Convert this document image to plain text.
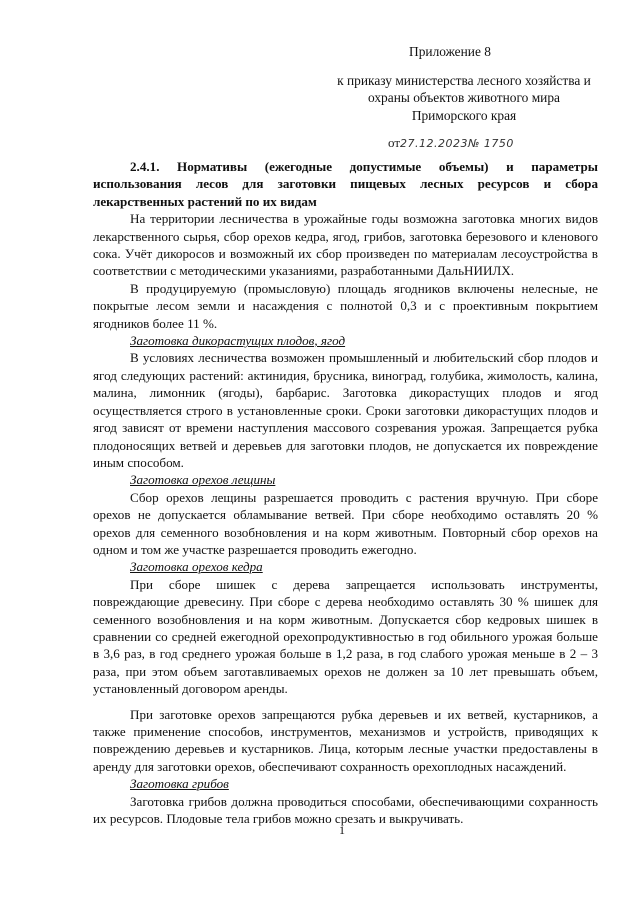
Приложение 8
к приказу министерства лесного хозяйства и
охраны объектов животного мира
Приморского края
от27.12.2023№ 1750

2.4.1. Нормативы (ежегодные допустимые объемы) и параметры использования лесов для заготовки пищевых лесных ресурсов и сбора лекарственных растений по их видам

На территории лесничества в урожайные годы возможна заготовка многих видов лекарственного сырья, сбор орехов кедра, ягод, грибов, заготовка березового и кленового сока. Учёт дикоросов и возможный их сбор произведен по материалам лесоустройства в соответствии с методическими указаниями, разработанными ДальНИИЛХ.

В продуцируемую (промысловую) площадь ягодников включены нелесные, не покрытые лесом земли и насаждения с полнотой 0,3 и с проективным покрытием ягодников более 11 %.

Заготовка дикорастущих плодов, ягод

В условиях лесничества возможен промышленный и любительский сбор плодов и ягод следующих растений: актинидия, брусника, виноград, голубика, жимолость, калина, малина, лимонник (ягоды), барбарис. Заготовка дикорастущих плодов и ягод осуществляется строго в установленные сроки. Сроки заготовки дикорастущих плодов и ягод зависят от времени наступления массового созревания урожая. Запрещается рубка плодоносящих ветвей и деревьев для заготовки плодов, не допускается их повреждение иным способом.

Заготовка орехов лещины

Сбор орехов лещины разрешается проводить с растения вручную. При сборе орехов не допускается обламывание ветвей. При сборе необходимо оставлять 20 % орехов для семенного возобновления и на корм животным. Повторный сбор орехов на одном и том же участке разрешается проводить ежегодно.

Заготовка орехов кедра

При сборе шишек с дерева запрещается использовать инструменты, повреждающие древесину. При сборе с дерева необходимо оставлять 30 % шишек для семенного возобновления и на корм животным. Допускается сбор кедровых шишек в сравнении со средней ежегодной орехопродуктивностью в год обильного урожая больше в 3,6 раз, в год среднего урожая больше в 1,2 раза, в год слабого урожая меньше в 2 – 3 раза, при этом объем заготавливаемых орехов не должен за 10 лет превышать объем, установленный договором аренды.

При заготовке орехов запрещаются рубка деревьев и их ветвей, кустарников, а также применение способов, инструментов, механизмов и устройств, приводящих к повреждению деревьев и кустарников. Лица, которым лесные участки предоставлены в аренду для заготовки орехов, обеспечивают сохранность орехоплодных насаждений.

Заготовка грибов

Заготовка грибов должна проводиться способами, обеспечивающими сохранность их ресурсов. Плодовые тела грибов можно срезать и выкручивать.

1
